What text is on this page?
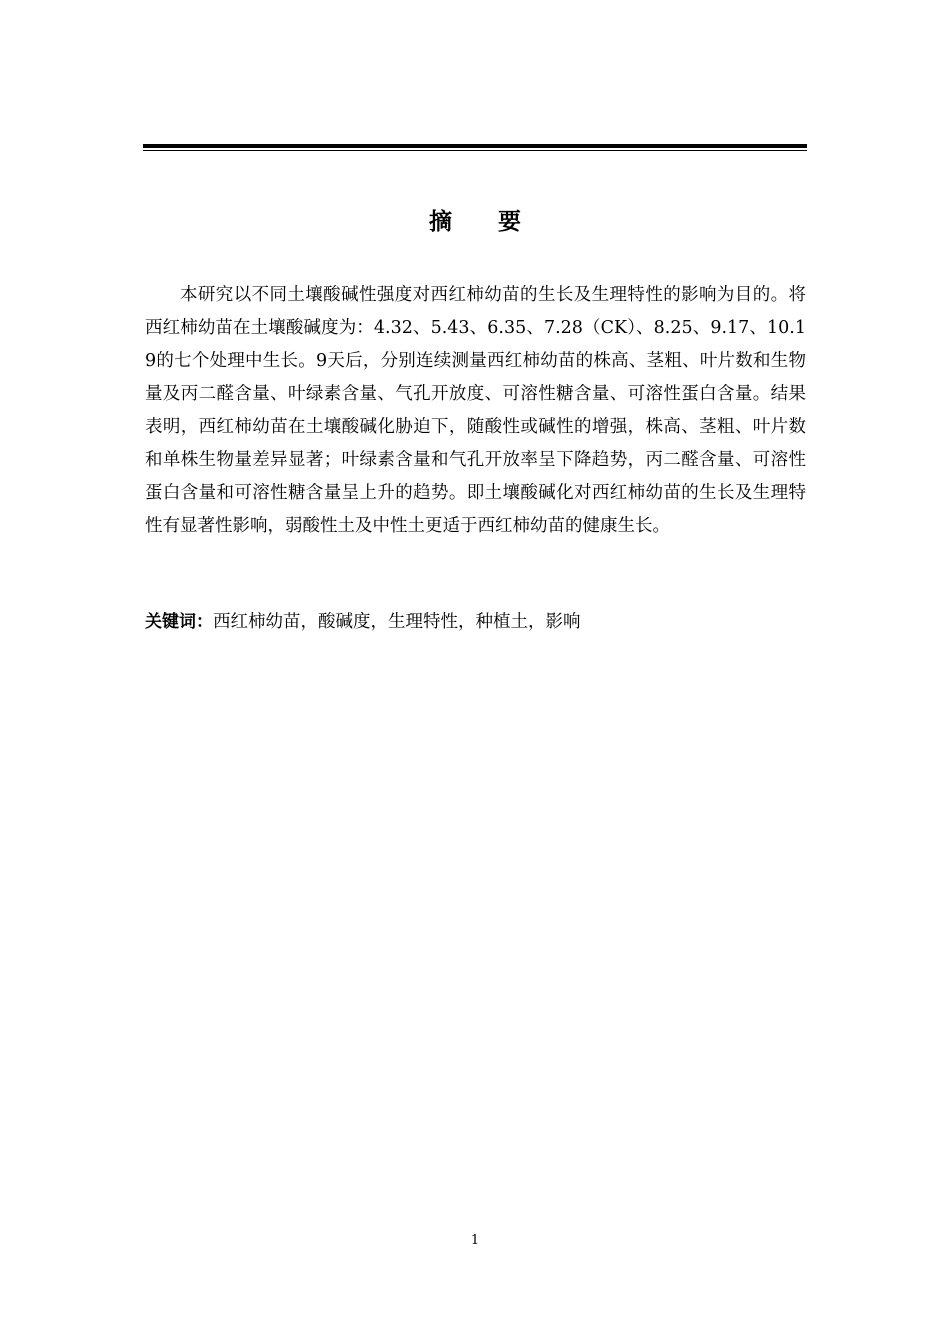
摘要

本研究以不同土壤酸碱性强度对西红柿幼苗的生长及生理特性的影响为目的。将西红柿幼苗在土壤酸碱度为：4.32、5.43、6.35、7.28（CK）、8.25、9.17、10.19的七个处理中生长。9天后，分别连续测量西红柿幼苗的株高、茎粗、叶片数和生物量及丙二醛含量、叶绿素含量、气孔开放度、可溶性糖含量、可溶性蛋白含量。结果表明，西红柿幼苗在土壤酸碱化胁迫下，随酸性或碱性的增强，株高、茎粗、叶片数和单株生物量差异显著；叶绿素含量和气孔开放率呈下降趋势，丙二醛含量、可溶性蛋白含量和可溶性糖含量呈上升的趋势。即土壤酸碱化对西红柿幼苗的生长及生理特性有显著性影响，弱酸性土及中性土更适于西红柿幼苗的健康生长。

关键词：西红柿幼苗，酸碱度，生理特性，种植土，影响

1
